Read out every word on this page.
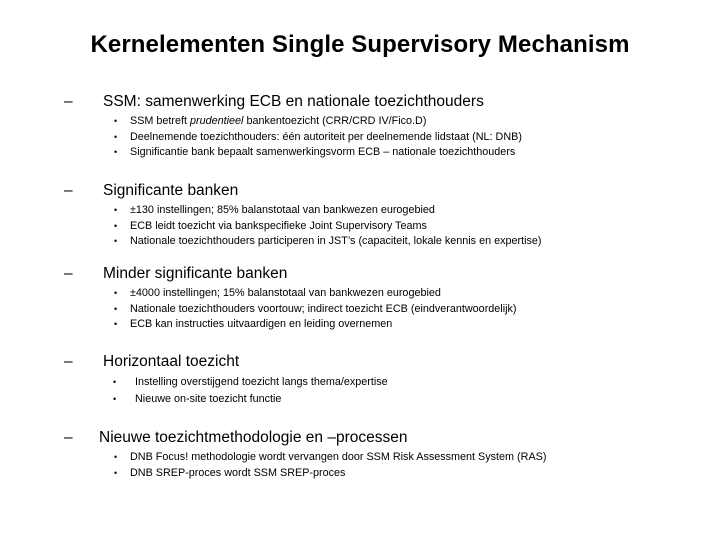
Kernelementen Single Supervisory Mechanism
– SSM: samenwerking ECB en nationale toezichthouders
• SSM betreft prudentieel bankentoezicht (CRR/CRD IV/Fico.D)
• Deelnemende toezichthouders: één autoriteit per deelnemende lidstaat (NL: DNB)
• Significantie bank bepaalt samenwerkingsvorm ECB – nationale toezichthouders
– Significante banken
• ±130 instellingen; 85% balanstotaal van bankwezen eurogebied
• ECB leidt toezicht via bankspecifieke Joint Supervisory Teams
• Nationale toezichthouders participeren in JST’s (capaciteit, lokale kennis en expertise)
– Minder significante banken
• ±4000 instellingen; 15% balanstotaal van bankwezen eurogebied
• Nationale toezichthouders voortouw; indirect toezicht ECB (eindverantwoordelijk)
• ECB kan instructies uitvaardigen en leiding overnemen
– Horizontaal toezicht
• Instelling overstijgend toezicht langs thema/expertise
• Nieuwe on-site toezicht functie
– Nieuwe toezichtmethodologie en –processen
• DNB Focus! methodologie wordt vervangen door SSM Risk Assessment System (RAS)
• DNB SREP-proces wordt SSM SREP-proces
